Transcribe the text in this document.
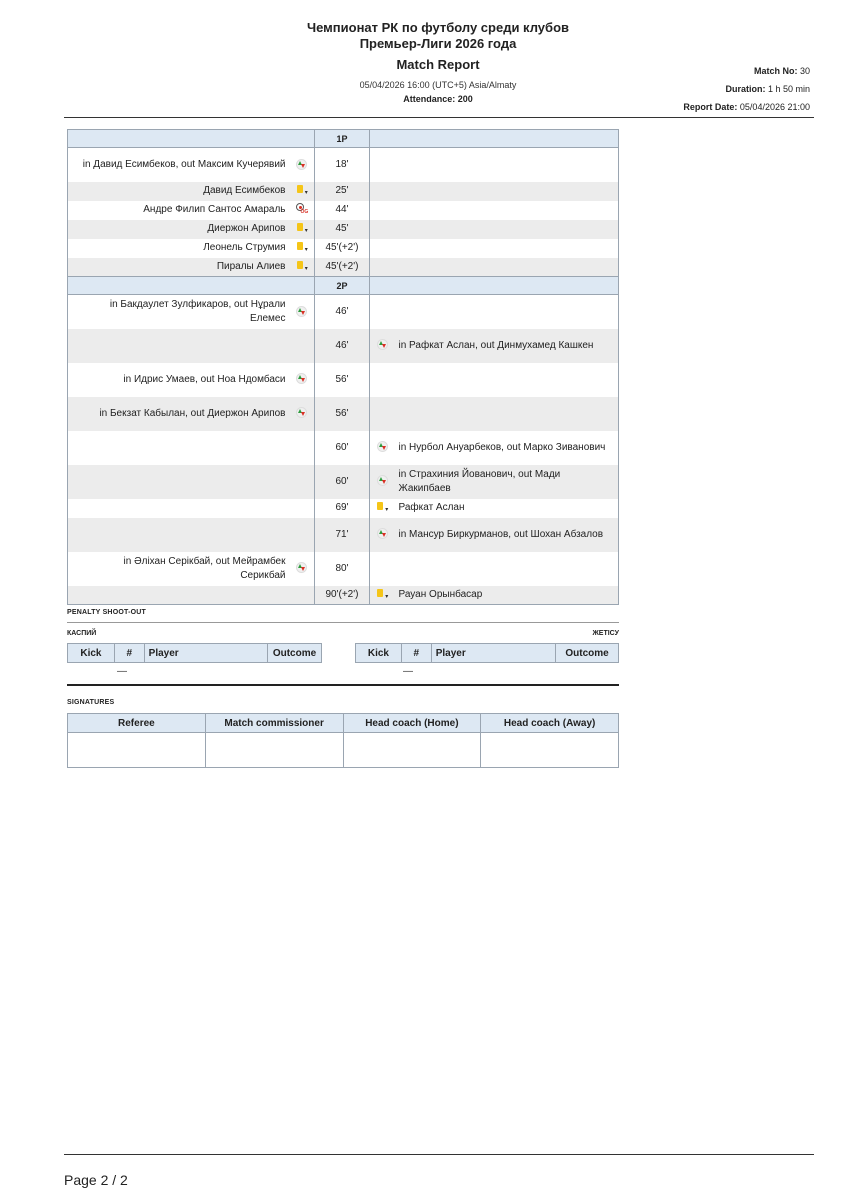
Чемпионат РК по футболу среди клубов
Премьер-Лиги 2026 года
Match Report
05/04/2026 16:00 (UTC+5) Asia/Almaty
Attendance: 200
Match No: 30
Duration: 1 h 50 min
Report Date: 05/04/2026 21:00
		1P		
in Давид Есимбеков, out Максим Кучерявий		18'		
Давид Есимбеков	▾	25'		
Андре Филип Сантос Амараль	OG	44'		
Диержон Арипов	▾	45'		
Леонель Струмия	▾	45'(+2')		
Пиралы Алиев	▾	45'(+2')		
		2P		
in Бакдаулет Зулфикаров, out Нұрали Елемес		46'		
		46'		in Рафкат Аслан, out Динмухамед Кашкен
in Идрис Умаев, out Ноа Ндомбаси		56'		
in Бекзат Кабылан, out Диержон Арипов		56'		
		60'		in Нурбол Ануарбеков, out Марко Зиванович
		60'		in Страхиния Йованович, out Мади Жакипбаев
		69'	▾	Рафкат Аслан
		71'		in Мансур Биркурманов, out Шохан Абзалов
in Әліхан Серікбай, out Мейрамбек Серикбай		80'		
		90'(+2')	▾	Рауан Орынбасар
PENALTY SHOOT-OUT
КАСПИЙ	ЖЕТІСУ
Kick	#	Player	Outcome	Kick	#	Player	Outcome
—	—
SIGNATURES
Referee	Match commissioner	Head coach (Home)	Head coach (Away)

Page 2 / 2
